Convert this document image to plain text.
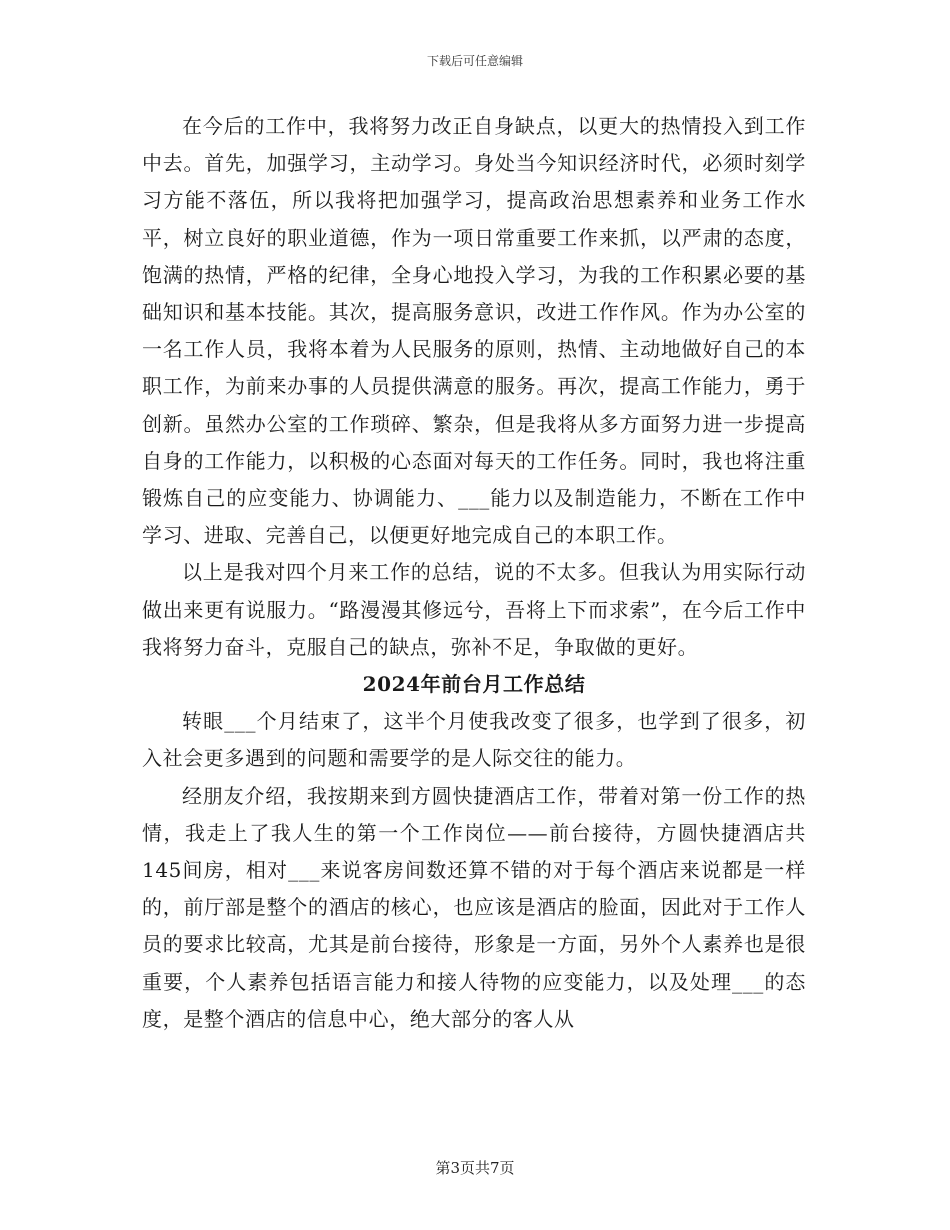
下载后可任意编辑

在今后的工作中，我将努力改正自身缺点，以更大的热情投入到工作中去。首先，加强学习，主动学习。身处当今知识经济时代，必须时刻学习方能不落伍，所以我将把加强学习，提高政治思想素养和业务工作水平，树立良好的职业道德，作为一项日常重要工作来抓，以严肃的态度，饱满的热情，严格的纪律，全身心地投入学习，为我的工作积累必要的基础知识和基本技能。其次，提高服务意识，改进工作作风。作为办公室的一名工作人员，我将本着为人民服务的原则，热情、主动地做好自己的本职工作，为前来办事的人员提供满意的服务。再次，提高工作能力，勇于创新。虽然办公室的工作琐碎、繁杂，但是我将从多方面努力进一步提高自身的工作能力，以积极的心态面对每天的工作任务。同时，我也将注重锻炼自己的应变能力、协调能力、___能力以及制造能力，不断在工作中学习、进取、完善自己，以便更好地完成自己的本职工作。

以上是我对四个月来工作的总结，说的不太多。但我认为用实际行动做出来更有说服力。“路漫漫其修远兮，吾将上下而求索”，在今后工作中我将努力奋斗，克服自己的缺点，弥补不足，争取做的更好。

2024年前台月工作总结

转眼___个月结束了，这半个月使我改变了很多，也学到了很多，初入社会更多遇到的问题和需要学的是人际交往的能力。

经朋友介绍，我按期来到方圆快捷酒店工作，带着对第一份工作的热情，我走上了我人生的第一个工作岗位——前台接待，方圆快捷酒店共145间房，相对___来说客房间数还算不错的对于每个酒店来说都是一样的，前厅部是整个的酒店的核心，也应该是酒店的脸面，因此对于工作人员的要求比较高，尤其是前台接待，形象是一方面，另外个人素养也是很重要，个人素养包括语言能力和接人待物的应变能力，以及处理___的态度，是整个酒店的信息中心，绝大部分的客人从

第3页共7页
